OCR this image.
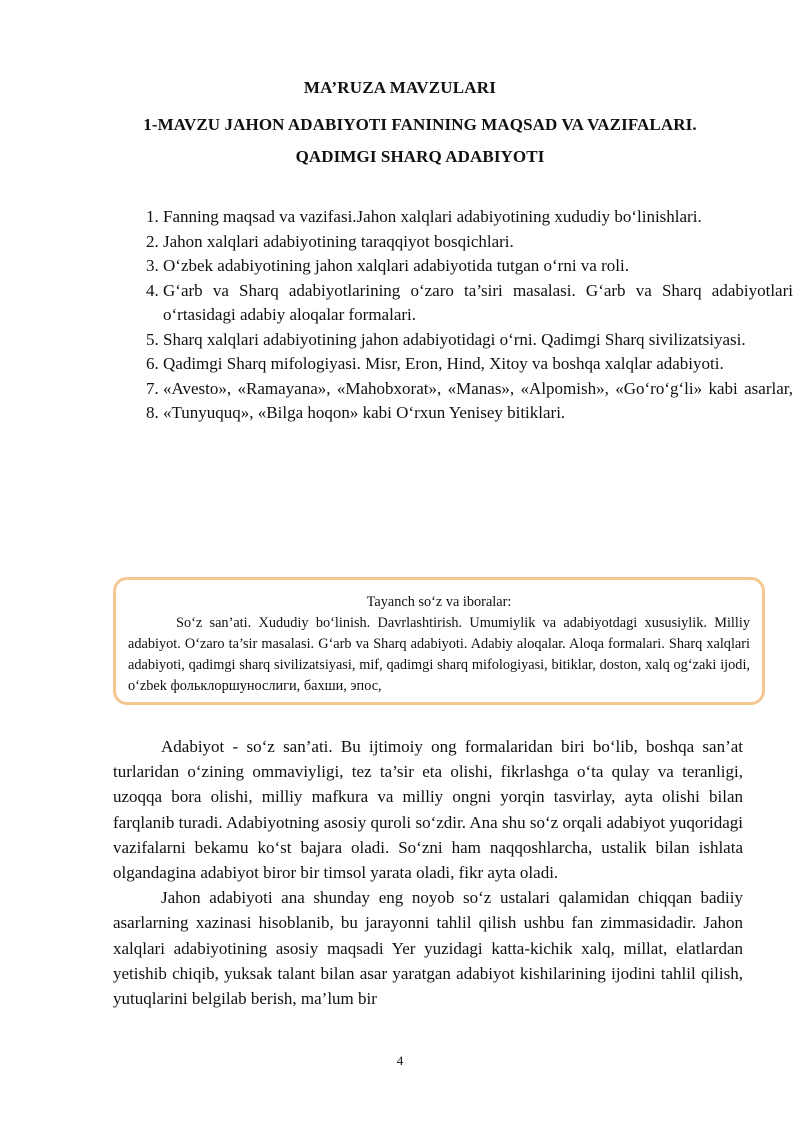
MA’RUZA MAVZULARI
1-MAVZU JAHON ADABIYOTI FANINING MAQSAD VA VAZIFALARI.
QADIMGI SHARQ ADABIYOTI
1. Fanning maqsad va vazifasi.Jahon xalqlari adabiyotining xududiy bo‘linishlari.
2. Jahon xalqlari adabiyotining taraqqiyot bosqichlari.
3. O‘zbek adabiyotining jahon xalqlari adabiyotida tutgan o‘rni va roli.
4. G‘arb va Sharq adabiyotlarining o‘zaro ta’siri masalasi. G‘arb va Sharq adabiyotlari o‘rtasidagi adabiy aloqalar formalari.
5. Sharq xalqlari adabiyotining jahon adabiyotidagi o‘rni. Qadimgi Sharq sivilizatsiyasi.
6. Qadimgi Sharq mifologiyasi. Misr, Eron, Hind, Xitoy va boshqa xalqlar adabiyoti.
7. «Avesto», «Ramayana», «Mahobxorat», «Manas», «Alpomish», «Go‘ro‘g‘li» kabi asarlar,
8. «Tunyuquq», «Bilga hoqon» kabi O‘rxun Yenisey bitiklari.
Tayanch so‘z va iboralar:
So‘z san’ati. Xududiy bo‘linish. Davrlashtirish. Umumiylik va adabiyotdagi xususiylik. Milliy adabiyot. O‘zaro ta’sir masalasi. G‘arb va Sharq adabiyoti. Adabiy aloqalar. Aloqa formalari. Sharq xalqlari adabiyoti, qadimgi sharq sivilizatsiyasi, mif, qadimgi sharq mifologiyasi, bitiklar, doston, xalq og‘zaki ijodi, o‘zbek фольклоршунослиги, бахши, эпос,

Adabiyot - so‘z san’ati. Bu ijtimoiy ong formalaridan biri bo‘lib, boshqa san’at turlaridan o‘zining ommaviyligi, tez ta’sir eta olishi, fikrlashga o‘ta qulay va teranligi, uzoqqa bora olishi, milliy mafkura va milliy ongni yorqin tasvirlay, ayta olishi bilan farqlanib turadi. Adabiyotning asosiy quroli so‘zdir. Ana shu so‘z orqali adabiyot yuqoridagi vazifalarni bekamu ko‘st bajara oladi. So‘zni ham naqqoshlarcha, ustalik bilan ishlata olgandagina adabiyot biror bir timsol yarata oladi, fikr ayta oladi.

Jahon adabiyoti ana shunday eng noyob so‘z ustalari qalamidan chiqqan badiiy asarlarning xazinasi hisoblanib, bu jarayonni tahlil qilish ushbu fan zimmasidadir. Jahon xalqlari adabiyotining asosiy maqsadi Yer yuzidagi katta-kichik xalq, millat, elatlardan yetishib chiqib, yuksak talant bilan asar yaratgan adabiyot kishilarining ijodini tahlil qilish, yutuqlarini belgilab berish, ma’lum bir

4
